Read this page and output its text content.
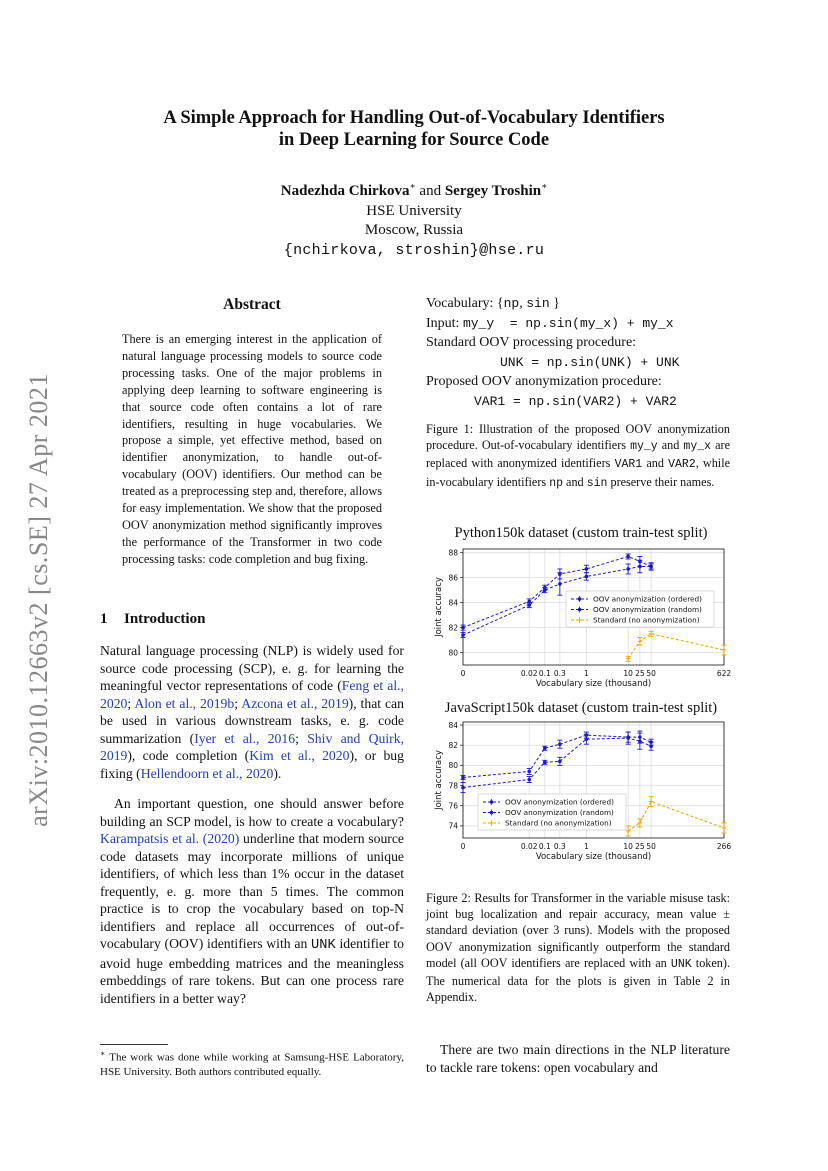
arXiv:2010.12663v2 [cs.SE] 27 Apr 2021
A Simple Approach for Handling Out-of-Vocabulary Identifiers
in Deep Learning for Source Code
Nadezhda Chirkova∗ and Sergey Troshin∗
HSE University
Moscow, Russia
{nchirkova, stroshin}@hse.ru
Abstract
There is an emerging interest in the application of natural language processing models to source code processing tasks. One of the major problems in applying deep learning to software engineering is that source code often contains a lot of rare identifiers, resulting in huge vocabularies. We propose a simple, yet effective method, based on identifier anonymization, to handle out-of-vocabulary (OOV) identifiers. Our method can be treated as a preprocessing step and, therefore, allows for easy implementation. We show that the proposed OOV anonymization method significantly improves the performance of the Transformer in two code processing tasks: code completion and bug fixing.
1 Introduction
Natural language processing (NLP) is widely used for source code processing (SCP), e. g. for learning the meaningful vector representations of code (Feng et al., 2020; Alon et al., 2019b; Azcona et al., 2019), that can be used in various downstream tasks, e. g. code summarization (Iyer et al., 2016; Shiv and Quirk, 2019), code completion (Kim et al., 2020), or bug fixing (Hellendoorn et al., 2020).
An important question, one should answer before building an SCP model, is how to create a vocabulary? Karampatsis et al. (2020) underline that modern source code datasets may incorporate millions of unique identifiers, of which less than 1% occur in the dataset frequently, e. g. more than 5 times. The common practice is to crop the vocabulary based on top-N identifiers and replace all occurrences of out-of-vocabulary (OOV) identifiers with an UNK identifier to avoid huge embedding matrices and the meaningless embeddings of rare tokens. But can one process rare identifiers in a better way?
∗ The work was done while working at Samsung-HSE Laboratory, HSE University. Both authors contributed equally.
Vocabulary: {np, sin }
Input: my_y  = np.sin(my_x) + my_x
Standard OOV processing procedure:
UNK = np.sin(UNK) + UNK
Proposed OOV anonymization procedure:
VAR1 = np.sin(VAR2) + VAR2
Figure 1: Illustration of the proposed OOV anonymization procedure. Out-of-vocabulary identifiers my_y and my_x are replaced with anonymized identifiers VAR1 and VAR2, while in-vocabulary identifiers np and sin preserve their names.
Python150k dataset (custom train-test split)
0	0.02 0.1 0.3 1	10 25 50	622
80
82
84
86
88
Vocabulary size (thousand)
Joint accuracy	OOV anonymization (ordered)
OOV anonymization (random)
Standard (no anonymization)
JavaScript150k dataset (custom train-test split)
0	0.02 0.1 0.3 1	10 25 50	266
74
76
78
80
82
84
Vocabulary size (thousand)
Joint accuracy	OOV anonymization (ordered)
OOV anonymization (random)
Standard (no anonymization)
Figure 2: Results for Transformer in the variable misuse task: joint bug localization and repair accuracy, mean value ± standard deviation (over 3 runs). Models with the proposed OOV anonymization significantly outperform the standard model (all OOV identifiers are replaced with an UNK token). The numerical data for the plots is given in Table 2 in Appendix.
There are two main directions in the NLP literature to tackle rare tokens: open vocabulary and
